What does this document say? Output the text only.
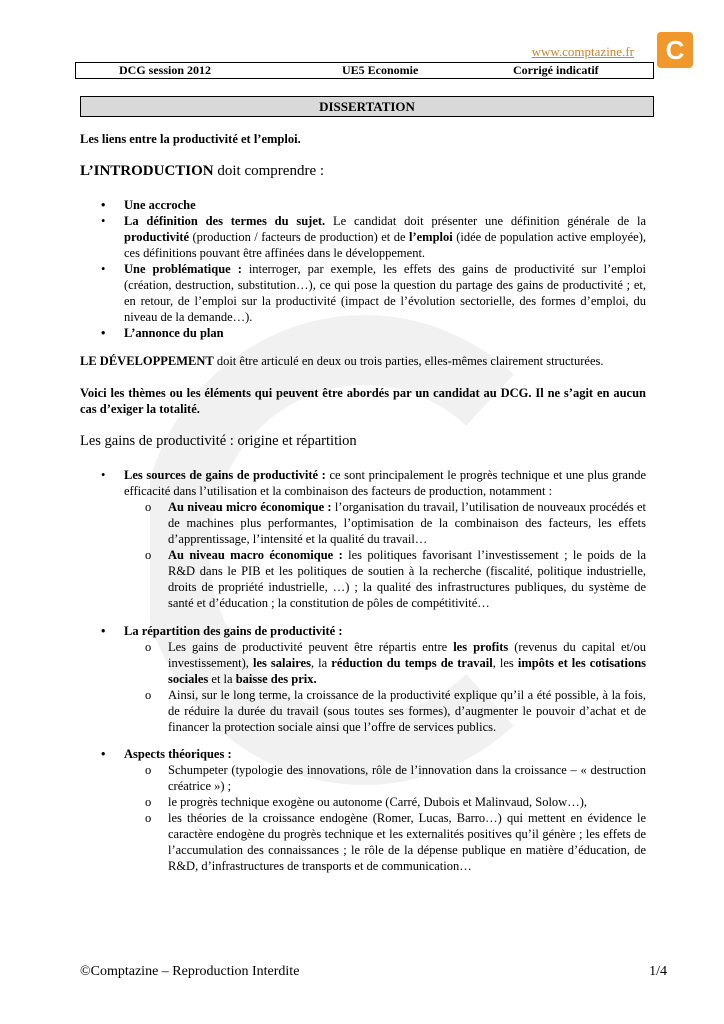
www.comptazine.fr C
DCG session 2012	UE5 Economie	Corrigé indicatif
DISSERTATION

Les liens entre la productivité et l’emploi.

L’INTRODUCTION doit comprendre :

• Une accroche
• La définition des termes du sujet. Le candidat doit présenter une définition générale de la productivité (production / facteurs de production) et de l’emploi (idée de population active employée), ces définitions pouvant être affinées dans le développement.
• Une problématique : interroger, par exemple, les effets des gains de productivité sur l’emploi (création, destruction, substitution…), ce qui pose la question du partage des gains de productivité ; et, en retour, de l’emploi sur la productivité (impact de l’évolution sectorielle, des formes d’emploi, du niveau de la demande…).
• L’annonce du plan

LE DÉVELOPPEMENT doit être articulé en deux ou trois parties, elles-mêmes clairement structurées.

Voici les thèmes ou les éléments qui peuvent être abordés par un candidat au DCG. Il ne s’agit en aucun cas d’exiger la totalité.

Les gains de productivité : origine et répartition

• Les sources de gains de productivité : ce sont principalement le progrès technique et une plus grande efficacité dans l’utilisation et la combinaison des facteurs de production, notamment :
o Au niveau micro économique : l’organisation du travail, l’utilisation de nouveaux procédés et de machines plus performantes, l’optimisation de la combinaison des facteurs, les effets d’apprentissage, l’intensité et la qualité du travail…
o Au niveau macro économique : les politiques favorisant l’investissement ; le poids de la R&D dans le PIB et les politiques de soutien à la recherche (fiscalité, politique industrielle, droits de propriété industrielle, …) ; la qualité des infrastructures publiques, du système de santé et d’éducation ; la constitution de pôles de compétitivité…
• La répartition des gains de productivité :
o Les gains de productivité peuvent être répartis entre les profits (revenus du capital et/ou investissement), les salaires, la réduction du temps de travail, les impôts et les cotisations sociales et la baisse des prix.
o Ainsi, sur le long terme, la croissance de la productivité explique qu’il a été possible, à la fois, de réduire la durée du travail (sous toutes ses formes), d’augmenter le pouvoir d’achat et de financer la protection sociale ainsi que l’offre de services publics.
• Aspects théoriques :
o Schumpeter (typologie des innovations, rôle de l’innovation dans la croissance – « destruction créatrice ») ;
o le progrès technique exogène ou autonome (Carré, Dubois et Malinvaud, Solow…),
o les théories de la croissance endogène (Romer, Lucas, Barro…) qui mettent en évidence le caractère endogène du progrès technique et les externalités positives qu’il génère ; les effets de l’accumulation des connaissances ; le rôle de la dépense publique en matière d’éducation, de R&D, d’infrastructures de transports et de communication…
©Comptazine – Reproduction Interdite	1/4
